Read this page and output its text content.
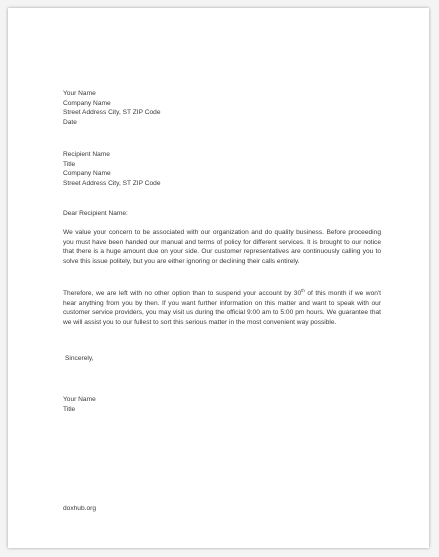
Your Name
Company Name
Street Address City, ST ZIP Code
Date
Recipient Name
Title
Company Name
Street Address City, ST ZIP Code
Dear Recipient Name:
We value your concern to be associated with our organization and do quality business. Before proceeding you must have been handed our manual and terms of policy for different services. It is brought to our notice that there is a huge amount due on your side. Our customer representatives are continuously calling you to solve this issue politely, but you are either ignoring or declining their calls entirely.
Therefore, we are left with no other option than to suspend your account by 30th of this month if we won't hear anything from you by then. If you want further information on this matter and want to speak with our customer service providers, you may visit us during the official 9:00 am to 5:00 pm hours. We guarantee that we will assist you to our fullest to sort this serious matter in the most convenient way possible.
Sincerely,
Your Name
Title
doxhub.org
